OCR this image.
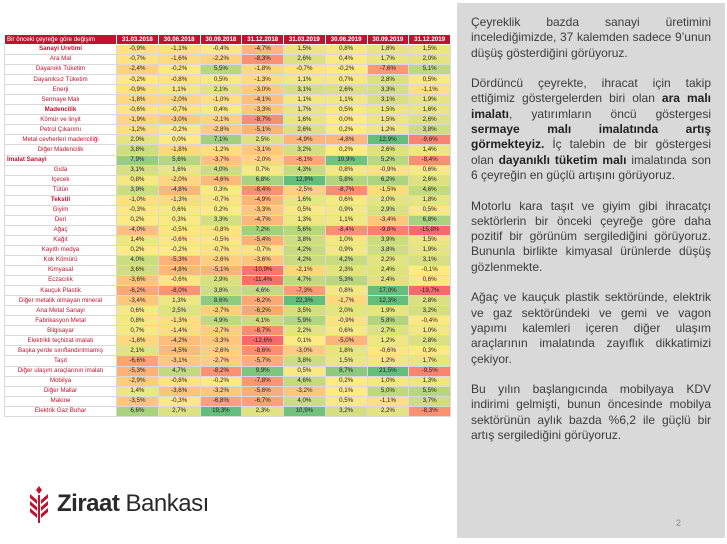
Bir önceki çeyreğe göre değişim	31.03.2018	30.06.2018	30.09.2018	31.12.2018	31.03.2019	30.06.2019	30.09.2019	31.12.2019
Sanayi Üretimi	-0,9%	-1,1%	-0,4%	-4,7%	1,5%	0,8%	1,8%	1,5%
Ara Mal	-0,7%	-1,6%	-2,2%	-8,3%	2,6%	0,4%	1,7%	2,0%
Dayanıklı Tüketim	-2,4%	-0,2%	5,5%	-1,8%	-0,7%	-0,2%	-7,6%	5,1%
Dayanıksız Tüketim	-0,2%	-0,8%	0,5%	-1,3%	1,1%	0,7%	2,8%	0,5%
Enerji	-0,9%	1,1%	2,1%	-3,0%	3,1%	2,6%	3,3%	-1,1%
Sermaye Malı	-1,8%	-2,0%	-1,0%	-4,1%	1,1%	1,1%	3,1%	1,9%
Madencilik	-0,6%	-0,7%	0,4%	-3,3%	1,7%	0,5%	1,5%	1,6%
Kömür ve linyit	-1,9%	-3,0%	-2,1%	-8,7%	1,6%	0,0%	1,5%	2,6%
Petrol Çıkarımı	-1,2%	-0,2%	-2,8%	-5,1%	2,6%	0,2%	1,2%	3,8%
Metal cevherleri madenciliği	2,0%	0,0%	7,1%	2,5%	-4,9%	-4,8%	12,9%	-9,6%
Diğer Madencilik	3,8%	-1,8%	-1,2%	-3,1%	3,2%	0,2%	2,6%	1,4%
İmalat Sanayi	7,9%	5,6%	-3,7%	-2,0%	-6,1%	10,9%	5,2%	-8,4%
Gıda	3,1%	1,6%	4,0%	0,7%	4,3%	0,8%	-0,9%	0,6%
İçecek	0,8%	-2,0%	-4,6%	6,8%	12,9%	5,8%	6,2%	2,6%
Tütün	3,9%	-4,8%	0,3%	-8,4%	-2,5%	-8,7%	-1,5%	4,6%
Tekstil	-1,0%	-1,3%	-0,7%	-4,9%	1,6%	0,6%	2,0%	1,8%
Giyim	-0,3%	0,6%	0,2%	-3,3%	0,5%	0,9%	2,9%	0,5%
Deri	0,2%	0,3%	3,3%	-4,7%	1,3%	1,1%	-3,4%	6,8%
Ağaç	-4,0%	-0,5%	-0,8%	7,2%	5,6%	-8,4%	-9,8%	-15,8%
Kağıt	1,4%	-0,6%	-0,5%	-5,4%	3,8%	1,0%	3,9%	1,5%
Kayıtlı medya	0,2%	-0,2%	-0,7%	-0,7%	4,2%	0,9%	3,8%	1,9%
Kok Kömürü	4,0%	-5,3%	-2,6%	-3,6%	4,2%	4,2%	2,2%	3,1%
Kimyasal	3,6%	-4,8%	-5,1%	-10,9%	-2,1%	2,3%	2,4%	-0,1%
Eczacılık	-3,6%	-0,6%	2,9%	-11,4%	4,7%	5,3%	2,4%	0,6%
Kauçuk Plastik	-6,2%	-8,0%	3,8%	4,6%	-7,3%	0,8%	17,0%	-19,7%
Diğer metalik olmayan mineral	-3,4%	1,3%	8,6%	-6,2%	22,3%	-1,7%	12,3%	2,8%
Ana Metal Sanayi	0,6%	2,5%	-2,7%	-6,2%	3,5%	2,0%	1,9%	3,2%
Fabrikasyon Metal	0,8%	-1,3%	4,9%	4,1%	5,9%	-0,9%	5,8%	-0,4%
Bilgisayar	0,7%	-1,4%	-2,7%	-8,7%	2,2%	0,6%	2,7%	1,0%
Elektrikli teçhizat imalatı	-1,8%	-4,2%	-3,3%	-12,6%	0,1%	-5,0%	1,2%	2,8%
Başka yerde sınıflandırılmamış	2,1%	-4,5%	-2,6%	-8,6%	-3,0%	1,8%	-0,6%	0,3%
Taşıt	-6,6%	-3,1%	-2,7%	-5,7%	3,8%	1,5%	1,2%	1,7%
Diğer ulaşım araçlarının imalatı	-5,3%	4,7%	-8,2%	9,9%	0,5%	8,7%	21,5%	-9,5%
Mobilya	-2,9%	-0,8%	-0,2%	-7,8%	4,6%	0,2%	1,0%	1,3%
Diğer Mallar	1,4%	-3,6%	-3,2%	-5,6%	-3,2%	0,1%	5,0%	5,5%
Makine	-3,5%	-0,3%	-6,8%	-6,7%	4,0%	0,5%	-1,1%	3,7%
Elektrik Gaz Buhar	6,6%	2,7%	19,3%	2,3%	10,9%	3,2%	2,2%	-8,3%

Çeyreklik bazda sanayi üretimini incelediğimizde, 37 kalemden sadece 9’unun düşüş gösterdiğini görüyoruz.

Dördüncü çeyrekte, ihracat için takip ettiğimiz göstergelerden biri olan ara malı imalatı, yatırımların öncü göstergesi sermaye malı imalatında artış görmekteyiz. İç talebin de bir göstergesi olan dayanıklı tüketim malı imalatında son 6 çeyreğin en güçlü artışını görüyoruz.

Motorlu kara taşıt ve giyim gibi ihracatçı sektörlerin bir önceki çeyreğe göre daha pozitif bir görünüm sergilediğini görüyoruz. Bununla birlikte kimyasal ürünlerde düşüş gözlenmekte.

Ağaç ve kauçuk plastik sektöründe, elektrik ve gaz sektöründeki ve gemi ve vagon yapımı kalemleri içeren diğer ulaşım araçlarının imalatında zayıflık dikkatimizi çekiyor.

Bu yılın başlangıcında mobilyaya KDV indirimi gelmişti, bunun öncesinde mobilya sektörünün aylık bazda %6,2 ile güçlü bir artış sergilediğini görüyoruz.

2
Ziraat Bankası
